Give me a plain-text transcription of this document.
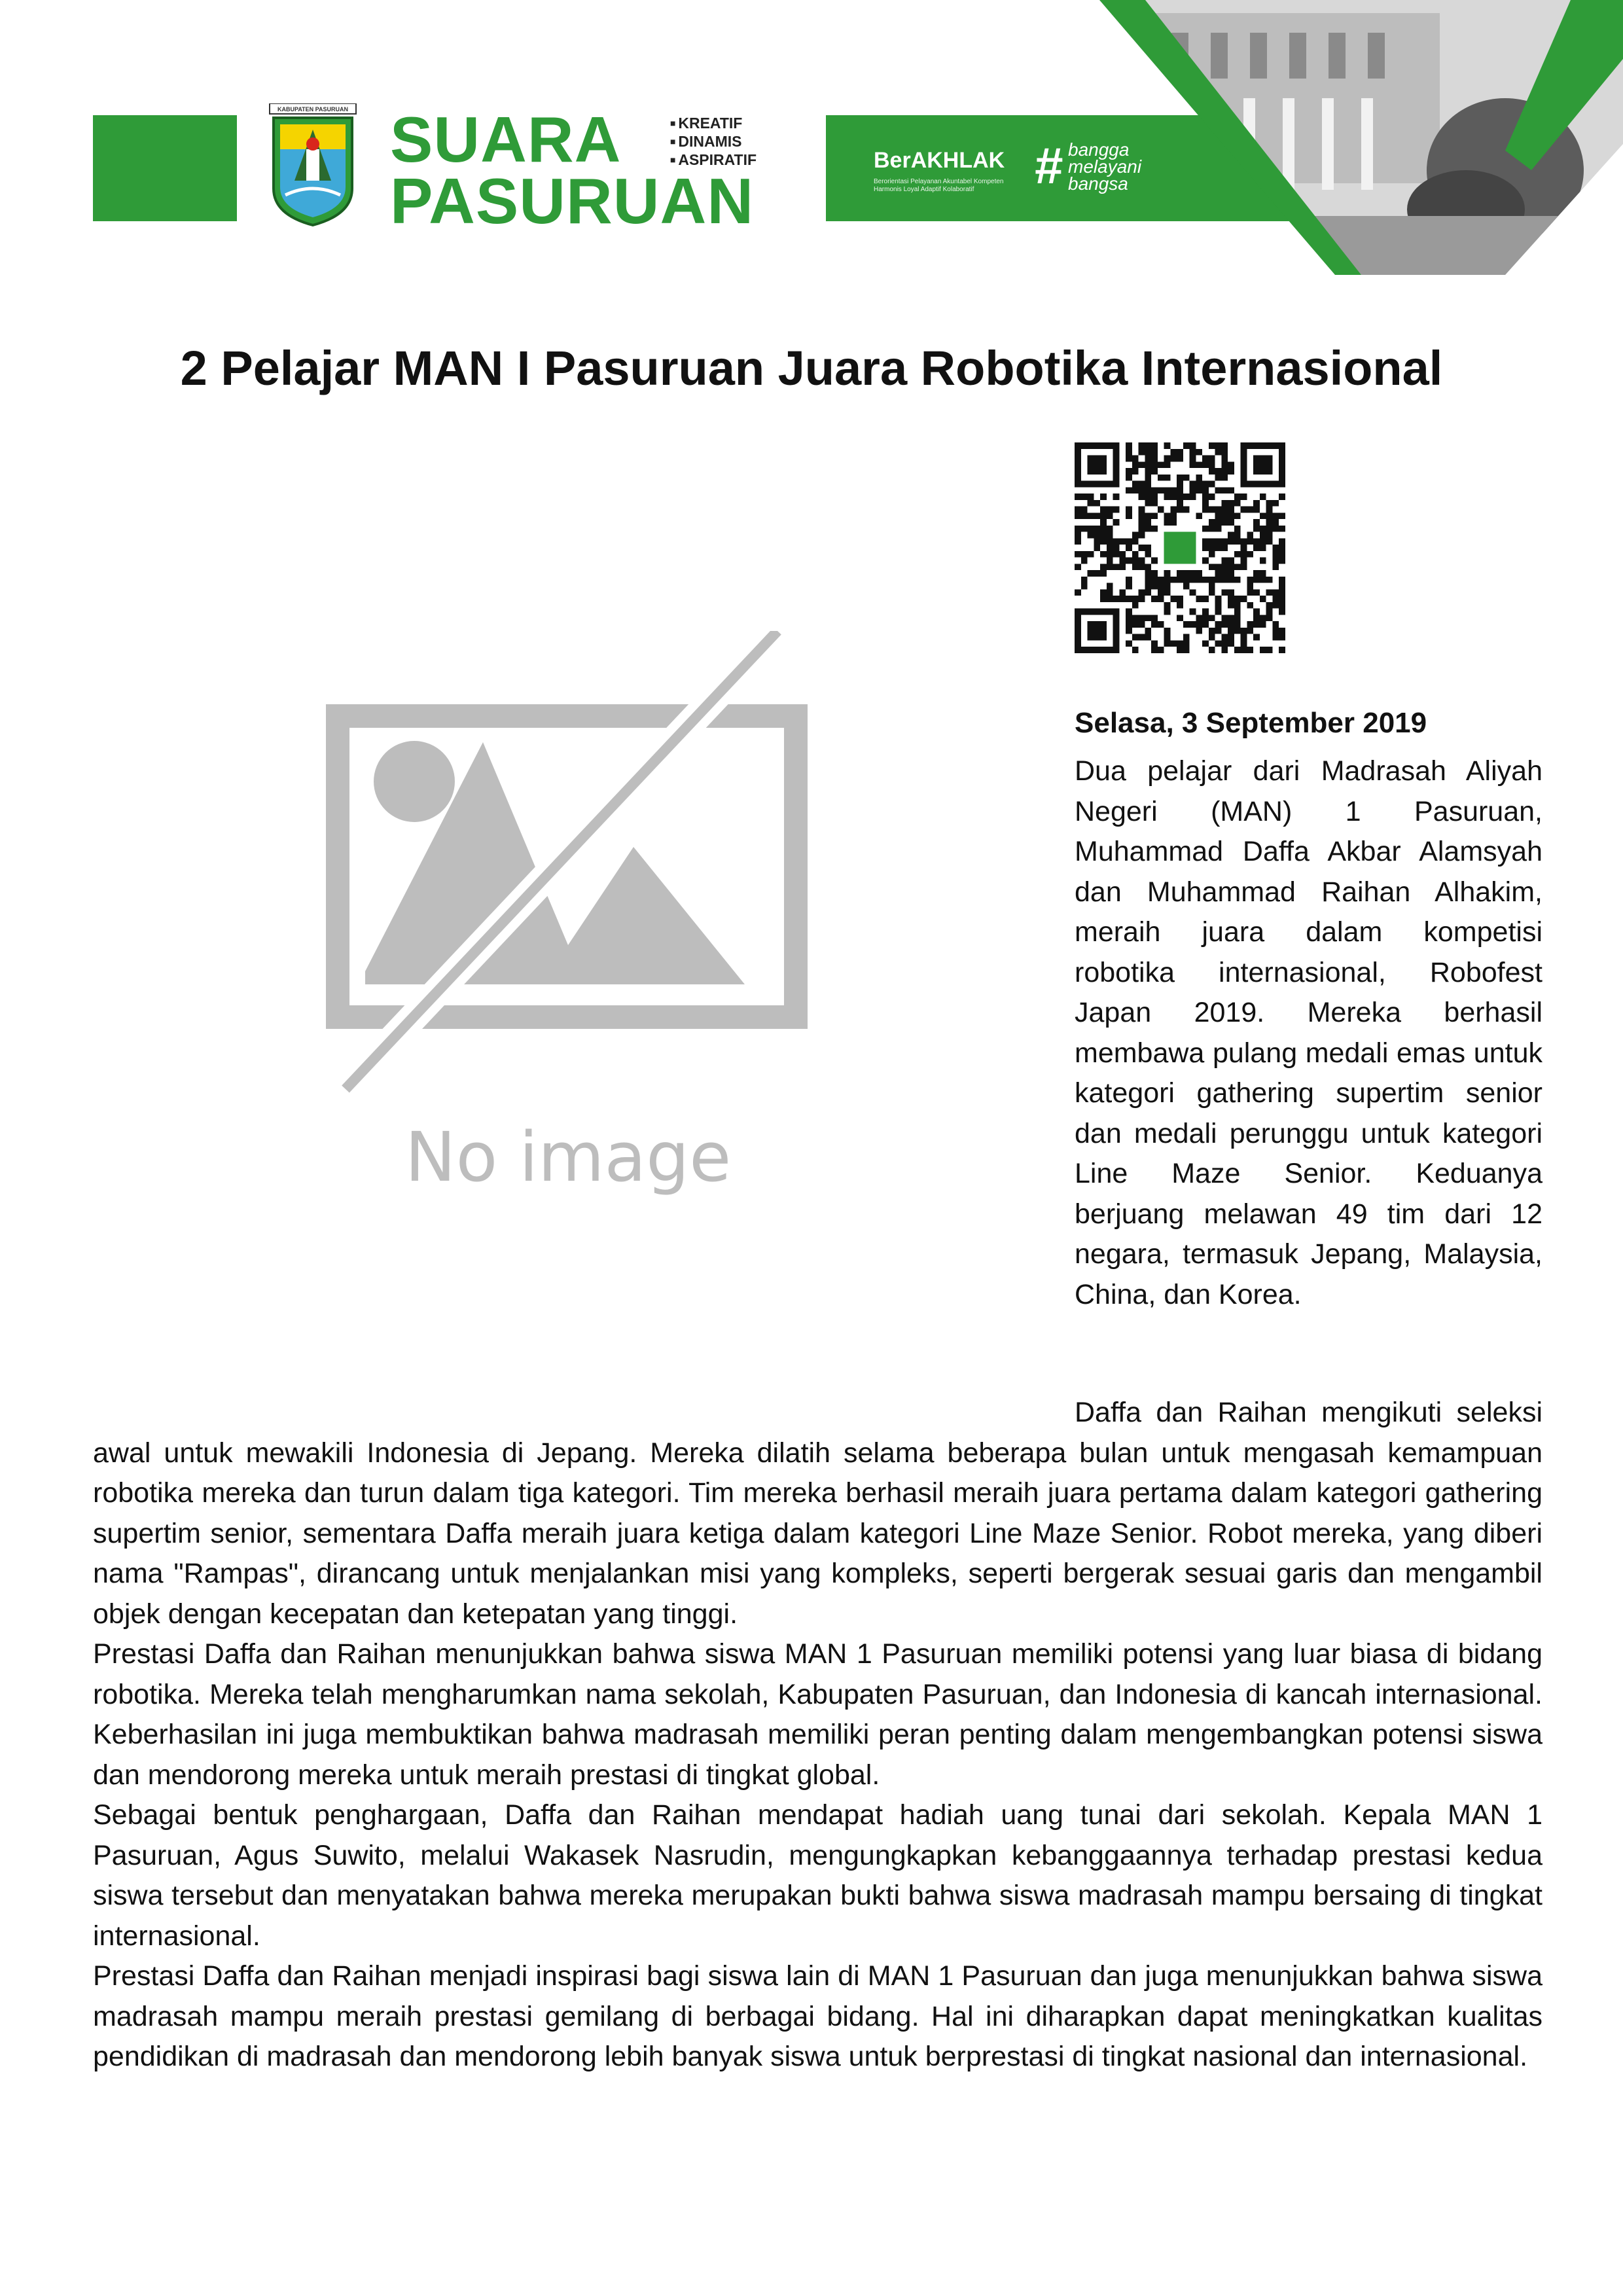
KABUPATEN PASURUAN SUARA
PASURUAN
■ KREATIF
■ DINAMIS
■ ASPIRATIF	BerAKHLAK
Berorientasi Pelayanan Akuntabel Kompeten Harmonis Loyal Adaptif Kolaboratif	# bangga
melayani
bangsa
2 Pelajar MAN I Pasuruan Juara Robotika Internasional
No image
Selasa, 3 September 2019

Dua pelajar dari Madrasah Aliyah Negeri (MAN) 1 Pasuruan, Muhammad Daffa Akbar Alamsyah dan Muhammad Raihan Alhakim, meraih juara dalam kompetisi robotika internasional, Robofest Japan 2019. Mereka berhasil membawa pulang medali emas untuk kategori gathering supertim senior dan medali perunggu untuk kategori Line Maze Senior. Keduanya berjuang melawan 49 tim dari 12 negara, termasuk Jepang, Malaysia, China, dan Korea.

Daffa dan Raihan mengikuti seleksi awal untuk mewakili Indonesia di Jepang. Mereka dilatih selama beberapa bulan untuk mengasah kemampuan robotika mereka dan turun dalam tiga kategori. Tim mereka berhasil meraih juara pertama dalam kategori gathering supertim senior, sementara Daffa meraih juara ketiga dalam kategori Line Maze Senior. Robot mereka, yang diberi nama "Rampas", dirancang untuk menjalankan misi yang kompleks, seperti bergerak sesuai garis dan mengambil objek dengan kecepatan dan ketepatan yang tinggi.

Prestasi Daffa dan Raihan menunjukkan bahwa siswa MAN 1 Pasuruan memiliki potensi yang luar biasa di bidang robotika. Mereka telah mengharumkan nama sekolah, Kabupaten Pasuruan, dan Indonesia di kancah internasional. Keberhasilan ini juga membuktikan bahwa madrasah memiliki peran penting dalam mengembangkan potensi siswa dan mendorong mereka untuk meraih prestasi di tingkat global.

Sebagai bentuk penghargaan, Daffa dan Raihan mendapat hadiah uang tunai dari sekolah. Kepala MAN 1 Pasuruan, Agus Suwito, melalui Wakasek Nasrudin, mengungkapkan kebanggaannya terhadap prestasi kedua siswa tersebut dan menyatakan bahwa mereka merupakan bukti bahwa siswa madrasah mampu bersaing di tingkat internasional.

Prestasi Daffa dan Raihan menjadi inspirasi bagi siswa lain di MAN 1 Pasuruan dan juga menunjukkan bahwa siswa madrasah mampu meraih prestasi gemilang di berbagai bidang. Hal ini diharapkan dapat meningkatkan kualitas pendidikan di madrasah dan mendorong lebih banyak siswa untuk berprestasi di tingkat nasional dan internasional.
